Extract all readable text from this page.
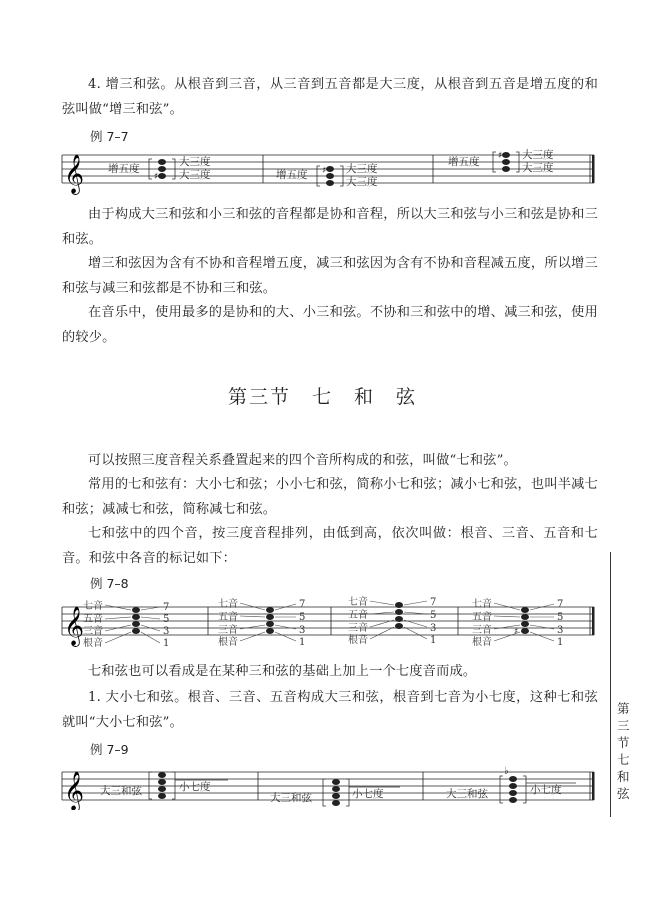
4. 增三和弦。从根音到三音，从三音到五音都是大三度，从根音到五音是增五度的和弦叫做“增三和弦”。

例 7–7
𝄞 增五度
大三度
大三度	增五度	大三度
大三度
增五度
大三度
大三度
♯
♯
♯

由于构成大三和弦和小三和弦的音程都是协和音程，所以大三和弦与小三和弦是协和三和弦。

增三和弦因为含有不协和音程增五度，减三和弦因为含有不协和音程减五度，所以增三和弦与减三和弦都是不协和三和弦。

在音乐中，使用最多的是协和的大、小三和弦。不协和三和弦中的增、减三和弦，使用的较少。

第三节　七　和　弦

可以按照三度音程关系叠置起来的四个音所构成的和弦，叫做“七和弦”。

常用的七和弦有：大小七和弦；小小七和弦，简称小七和弦；减小七和弦，也叫半减七和弦；减减七和弦，简称减七和弦。

七和弦中的四个音，按三度音程排列，由低到高，依次叫做：根音、三音、五音和七音。和弦中各音的标记如下：

例 7–8
𝄞
七音
五音
三音
根音
7
5
3
1
七音
五音
三音
根音
7
5
3
1
七音
五音
三音
根音
7
5
3
1
七音
五音
三音
根音
7
5
3
1
♯

七和弦也可以看成是在某种三和弦的基础上加上一个七度音而成。

1. 大小七和弦。根音、三音、五音构成大三和弦，根音到七音为小七度，这种七和弦就叫“大小七和弦”。

例 7–9
𝄞 大三和弦	小七度
大三和弦	小七度	大三和弦	小七度
♭
第三节　七和弦
